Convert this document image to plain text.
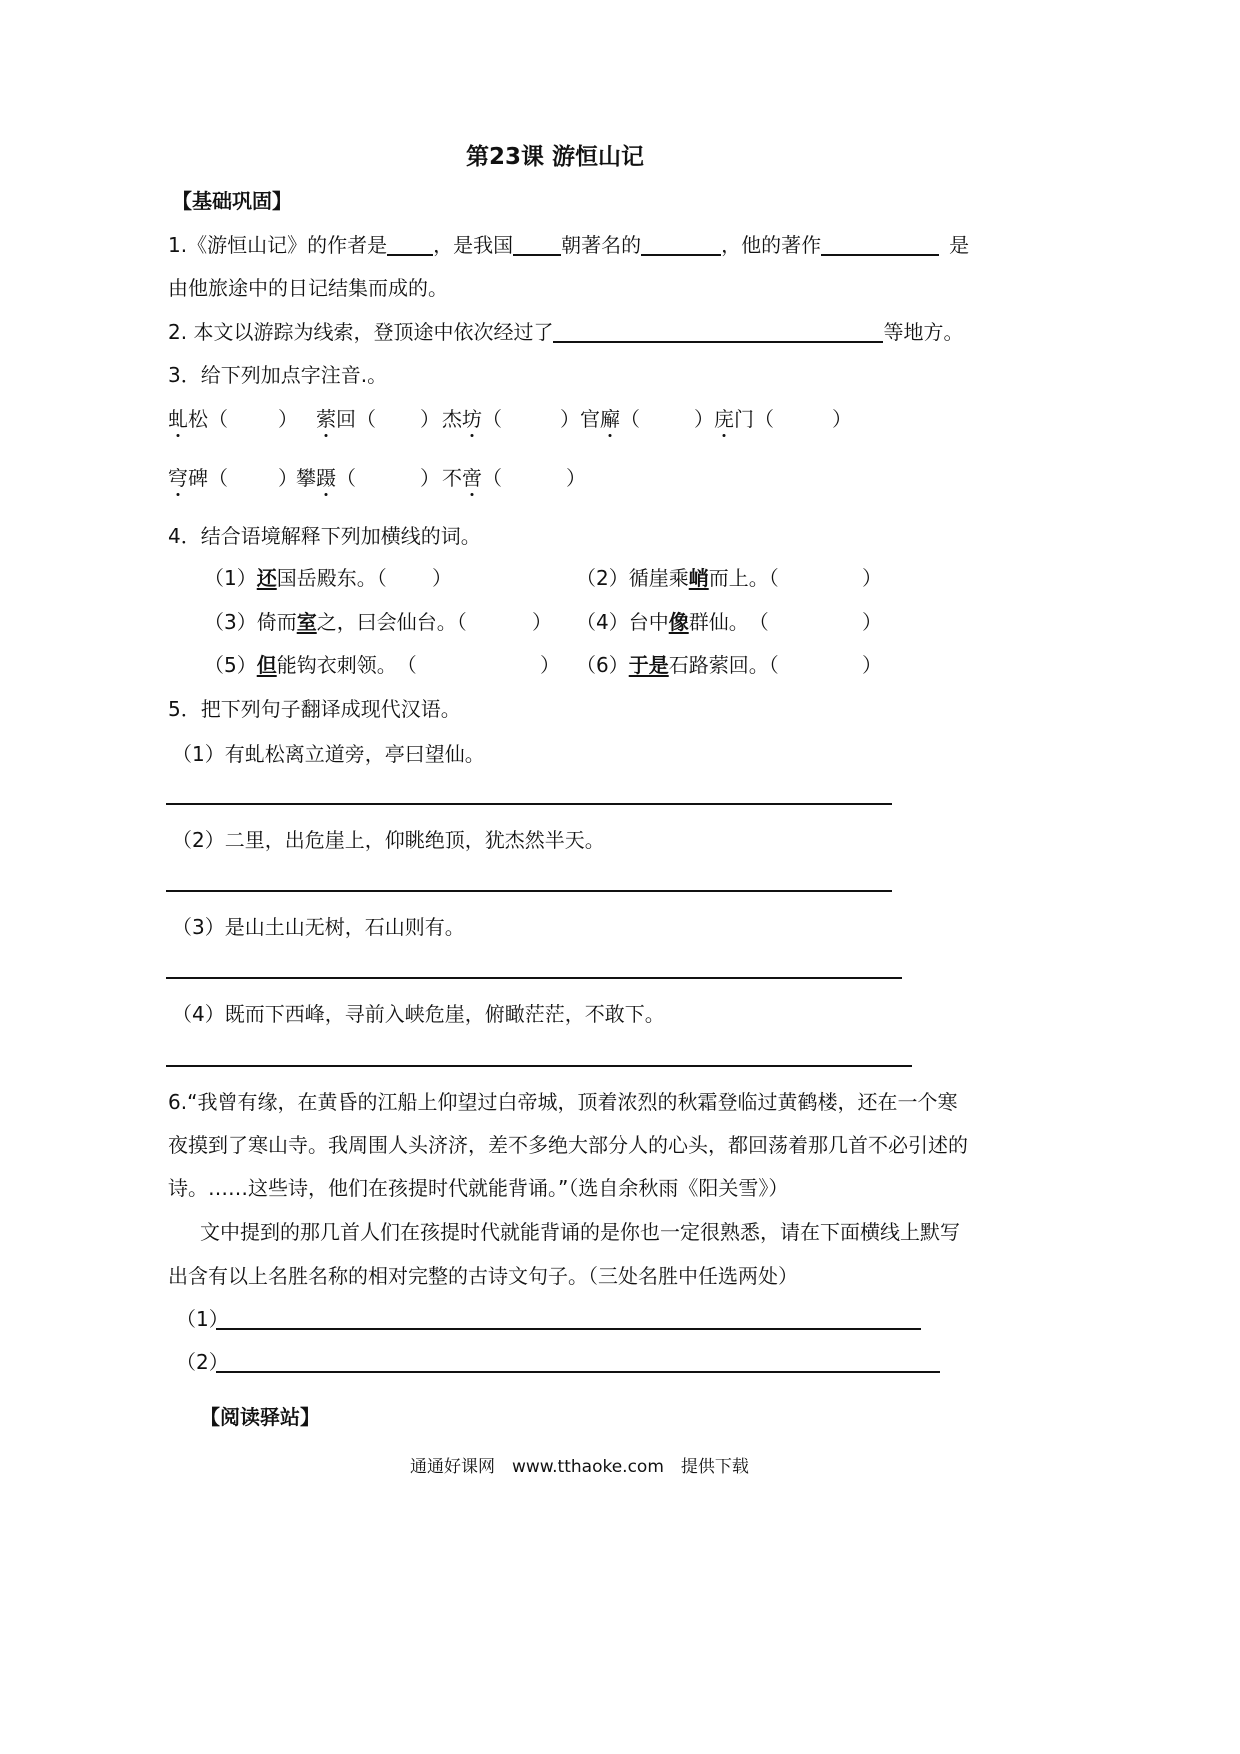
第23课 游恒山记
【基础巩固】
1.《游恒山记》的作者是 ，是我国 朝著名的	，他的著作	是
由他旅途中的日记结集而成的。
2. 本文以游踪为线索，登顶途中依次经过了	等地方。
3．给下列加点字注音.。
虬松（	） 萦回（ ） 杰坊（	） 官廨（	） 庑门（	）
穹碑（	）
攀蹑（	） 不啻（	）
4．结合语境解释下列加横线的词。
（1）还国岳殿东。（ ）	（2）循崖乘峭而上。（	）
（3）倚而室之，曰会仙台。（	） （4）台中像群仙。　（	）
（5）但能钩衣刺领。　（	） （6）于是石路萦回。（	）
5．把下列句子翻译成现代汉语。
（1）有虬松离立道旁，亭曰望仙。
（2）二里，出危崖上，仰眺绝顶，犹杰然半天。
（3）是山土山无树，石山则有。
（4）既而下西峰，寻前入峡危崖，俯瞰茫茫，不敢下。
6.“我曾有缘，在黄昏的江船上仰望过白帝城，顶着浓烈的秋霜登临过黄鹤楼，还在一个寒
夜摸到了寒山寺。我周围人头济济，差不多绝大部分人的心头，都回荡着那几首不必引述的
诗。……这些诗，他们在孩提时代就能背诵。”（选自余秋雨《阳关雪》）
　文中提到的那几首人们在孩提时代就能背诵的是你也一定很熟悉，请在下面横线上默写
出含有以上名胜名称的相对完整的古诗文句子。（三处名胜中任选两处）
（1）
（2）
【阅读驿站】
通通好课网　www.tthaoke.com　提供下载
